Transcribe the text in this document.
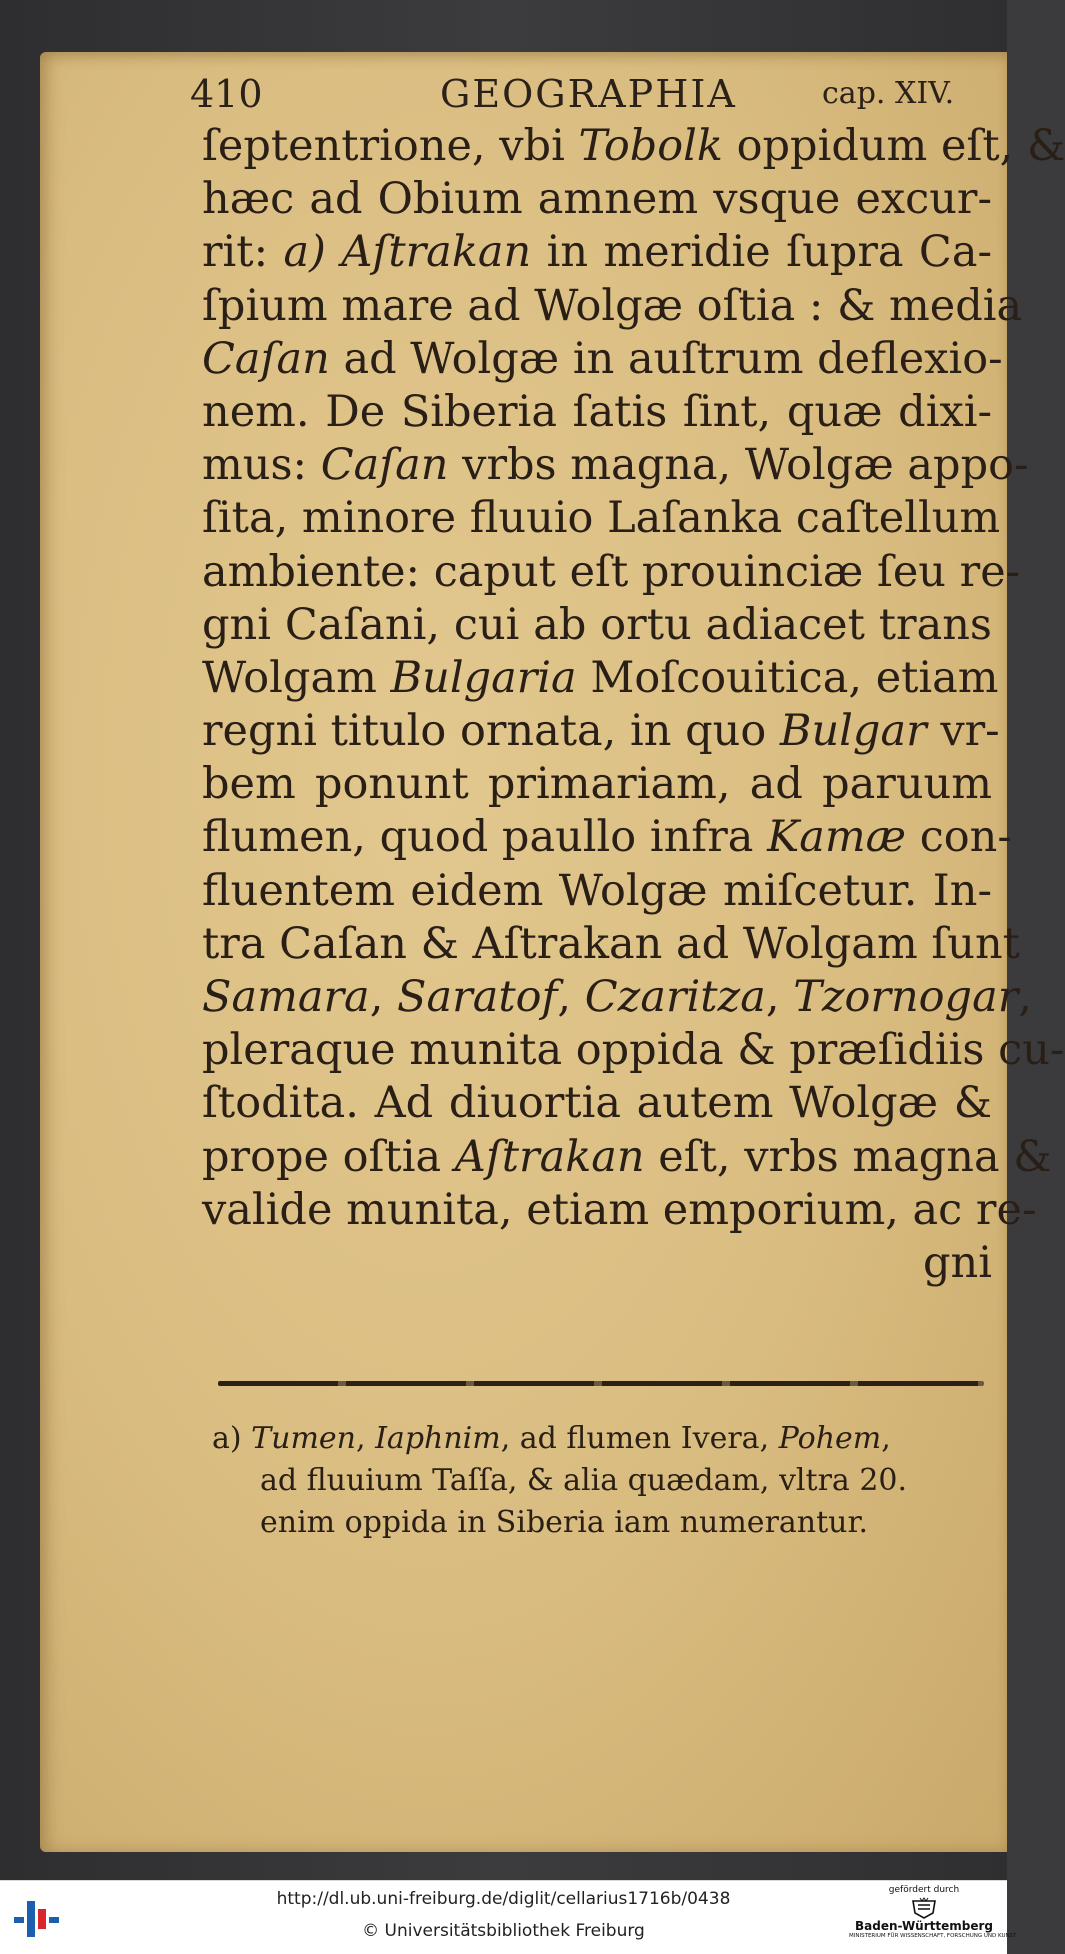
410	GEOGRAPHIA	cap. XIV.
ſeptentrione, vbi Tobolk oppidum eſt, &
hæc ad Obium amnem vsque excur-
rit: a) Aſtrakan in meridie ſupra Ca-
ſpium mare ad Wolgæ oſtia : & media
Caſan ad Wolgæ in auſtrum deflexio-
nem. De Siberia ſatis ſint, quæ dixi-
mus: Caſan vrbs magna, Wolgæ appo-
ſita, minore fluuio Laſanka caſtellum
ambiente: caput eſt prouinciæ ſeu re-
gni Caſani, cui ab ortu adiacet trans
Wolgam Bulgaria Moſcouitica, etiam
regni titulo ornata, in quo Bulgar vr-
bem ponunt primariam, ad paruum
flumen, quod paullo infra Kamæ con-
fluentem eidem Wolgæ miſcetur. In-
tra Caſan & Aſtrakan ad Wolgam ſunt
Samara, Saratof, Czaritza, Tzornogar,
pleraque munita oppida & præſidiis cu-
ſtodita. Ad diuortia autem Wolgæ &
prope oſtia Aſtrakan eſt, vrbs magna &
valide munita, etiam emporium, ac re-
gni
a) Tumen, Iaphnim, ad flumen Ivera, Pohem,
ad fluuium Taſſa, & alia quædam, vltra 20.
enim oppida in Siberia iam numerantur.
http://dl.ub.uni-freiburg.de/diglit/cellarius1716b/0438
© Universitätsbibliothek Freiburg
gefördert durch
Baden-Württemberg
MINISTERIUM FÜR WISSENSCHAFT, FORSCHUNG UND KUNST
